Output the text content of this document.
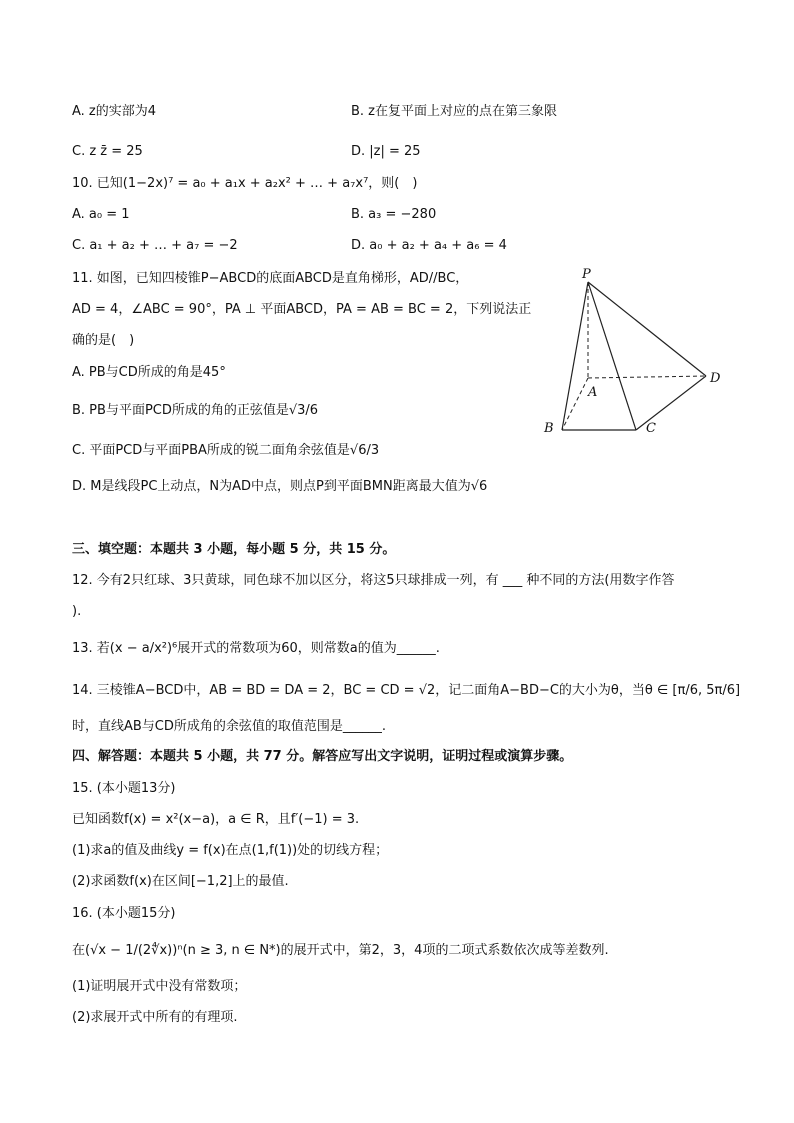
A. z的实部为4	B. z在复平面上对应的点在第三象限
C. z z̄ = 25	D. |z| = 25
10. 已知(1−2x)⁷ = a₀ + a₁x + a₂x² + … + a₇x⁷，则(　)
A. a₀ = 1	B. a₃ = −280
C. a₁ + a₂ + … + a₇ = −2	D. a₀ + a₂ + a₄ + a₆ = 4
11. 如图，已知四棱锥P−ABCD的底面ABCD是直角梯形，AD//BC，
AD = 4，∠ABC = 90°，PA ⊥ 平面ABCD，PA = AB = BC = 2，下列说法正
确的是(　)
A. PB与CD所成的角是45°
B. PB与平面PCD所成的角的正弦值是√3/6
C. 平面PCD与平面PBA所成的锐二面角余弦值是√6/3
D. M是线段PC上动点，N为AD中点，则点P到平面BMN距离最大值为√6
P
A
B	C
D
三、填空题：本题共 3 小题，每小题 5 分，共 15 分。
12. 今有2只红球、3只黄球，同色球不加以区分，将这5只球排成一列，有 ___ 种不同的方法(用数字作答
).
13. 若(x − a/x²)⁶展开式的常数项为60，则常数a的值为______.
14. 三棱锥A−BCD中，AB = BD = DA = 2，BC = CD = √2，记二面角A−BD−C的大小为θ，当θ ∈ [π/6, 5π/6]
时，直线AB与CD所成角的余弦值的取值范围是______.
四、解答题：本题共 5 小题，共 77 分。解答应写出文字说明，证明过程或演算步骤。
15. (本小题13分)
已知函数f(x) = x²(x−a)，a ∈ R，且f′(−1) = 3.
(1)求a的值及曲线y = f(x)在点(1,f(1))处的切线方程；
(2)求函数f(x)在区间[−1,2]上的最值.
16. (本小题15分)
在(√x − 1/(2∜x))ⁿ(n ≥ 3, n ∈ N*)的展开式中，第2，3，4项的二项式系数依次成等差数列.
(1)证明展开式中没有常数项；
(2)求展开式中所有的有理项.
